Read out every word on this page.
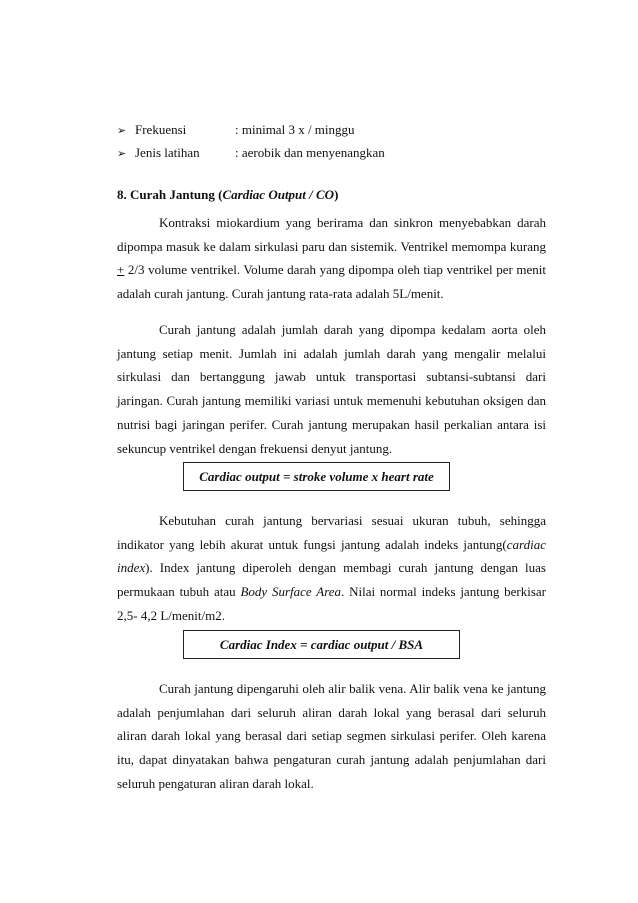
➢ Frekuensi	: minimal 3 x / minggu
➢ Jenis latihan	: aerobik dan menyenangkan
8. Curah Jantung (Cardiac Output / CO)

Kontraksi miokardium yang berirama dan sinkron menyebabkan darah dipompa masuk ke dalam sirkulasi paru dan sistemik. Ventrikel memompa kurang + 2/3 volume ventrikel. Volume darah yang dipompa oleh tiap ventrikel per menit adalah curah jantung. Curah jantung rata-rata adalah 5L/menit.

Curah jantung adalah jumlah darah yang dipompa kedalam aorta oleh jantung setiap menit. Jumlah ini adalah jumlah darah yang mengalir melalui sirkulasi dan bertanggung jawab untuk transportasi subtansi-subtansi dari jaringan. Curah jantung memiliki variasi untuk memenuhi kebutuhan oksigen dan nutrisi bagi jaringan perifer. Curah jantung merupakan hasil perkalian antara isi sekuncup ventrikel dengan frekuensi denyut jantung.

Cardiac output = stroke volume x heart rate

Kebutuhan curah jantung bervariasi sesuai ukuran tubuh, sehingga indikator yang lebih akurat untuk fungsi jantung adalah indeks jantung(cardiac index). Index jantung diperoleh dengan membagi curah jantung dengan luas permukaan tubuh atau Body Surface Area. Nilai normal indeks jantung berkisar 2,5- 4,2 L/menit/m2.

Cardiac Index = cardiac output / BSA

Curah jantung dipengaruhi oleh alir balik vena. Alir balik vena ke jantung adalah penjumlahan dari seluruh aliran darah lokal yang berasal dari seluruh aliran darah lokal yang berasal dari setiap segmen sirkulasi perifer. Oleh karena itu, dapat dinyatakan bahwa pengaturan curah jantung adalah penjumlahan dari seluruh pengaturan aliran darah lokal.
